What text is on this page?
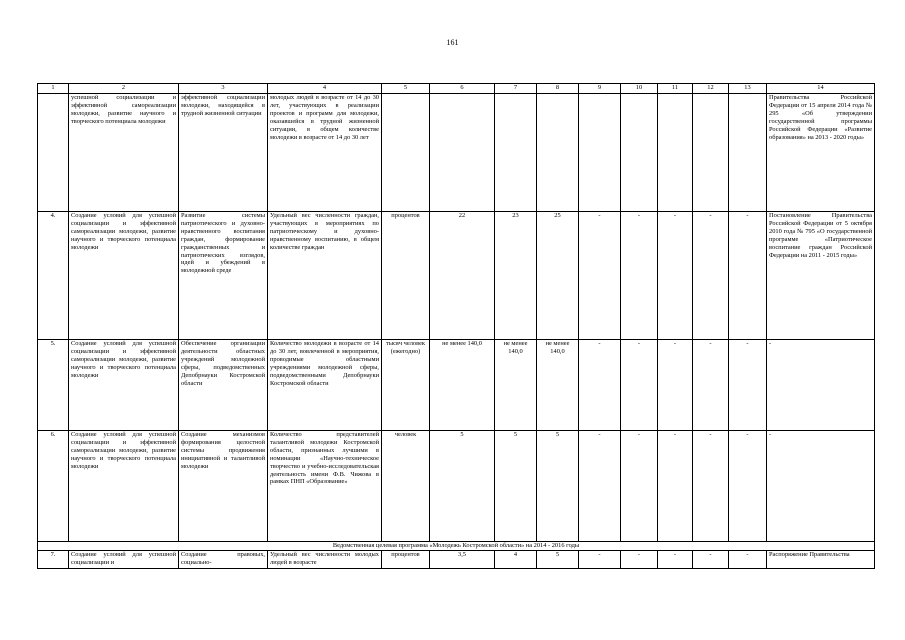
161
1	2	3	4	5	6	7	8	9	10	11	12	13	14
	успешной социализации и эффективной самореализации молодежи, развитие научного и творческого потенциала молодежи	эффективной социализации молодежи, находящейся в трудной жизненной ситуации	молодых людей в возрасте от 14 до 30 лет, участвующих в реализации проектов и программ для молодежи, оказавшейся в трудной жизненной ситуации, в общем количестве молодежи в возрасте от 14 до 30 лет										Правительства Российской Федерации от 15 апреля 2014 года № 295 «Об утверждении государственной программы Российской Федерации «Развитие образования» на 2013 - 2020 годы»
4.	Создание условий для успешной социализации и эффективной самореализации молодежи, развитие научного и творческого потенциала молодежи	Развитие системы патриотического и духовно-нравственного воспитания граждан, формирование гражданственных и патриотических взглядов, идей и убеждений в молодежной среде	Удельный вес численности граждан, участвующих в мероприятиях по патриотическому и духовно-нравственному воспитанию, в общем количестве граждан	процентов	22	23	25	-	-	-	-	-	Постановление Правительства Российской Федерации от 5 октября 2010 года № 795 «О государственной программе «Патриотическое воспитание граждан Российской Федерации на 2011 - 2015 годы»
5.	Создание условий для успешной социализации и эффективной самореализации молодежи, развитие научного и творческого потенциала молодежи	Обеспечение организации деятельности областных учреждений молодежной сферы, подведомственных Депобрнауки Костромской области	Количество молодежи в возрасте от 14 до 30 лет, вовлеченной в мероприятия, проводимые областными учреждениями молодежной сферы, подведомственными Депобрнауки Костромской области	тысяч человек (ежегодно)	не менее 140,0	не менее 140,0	не менее 140,0	-	-	-	-	-	-
6.	Создание условий для успешной социализации и эффективной самореализации молодежи, развитие научного и творческого потенциала молодежи	Создание механизмов формирования целостной системы продвижения инициативной и талантливой молодежи	Количество представителей талантливой молодежи Костромской области, признанных лучшими в номинации «Научно-техническое творчество и учебно-исследовательская деятельность имени Ф.В. Чижова в рамках ПНП «Образование»	человек	5	5	5	-	-	-	-	-	-
Ведомственная целевая программа «Молодежь Костромской области» на 2014 - 2016 годы													
7.	Создание условий для успешной социализации и	Создание правовых, социально-	Удельный вес численности молодых людей в возрасте	процентов	3,5	4	5	-	-	-	-	-	Распоряжение Правительства
